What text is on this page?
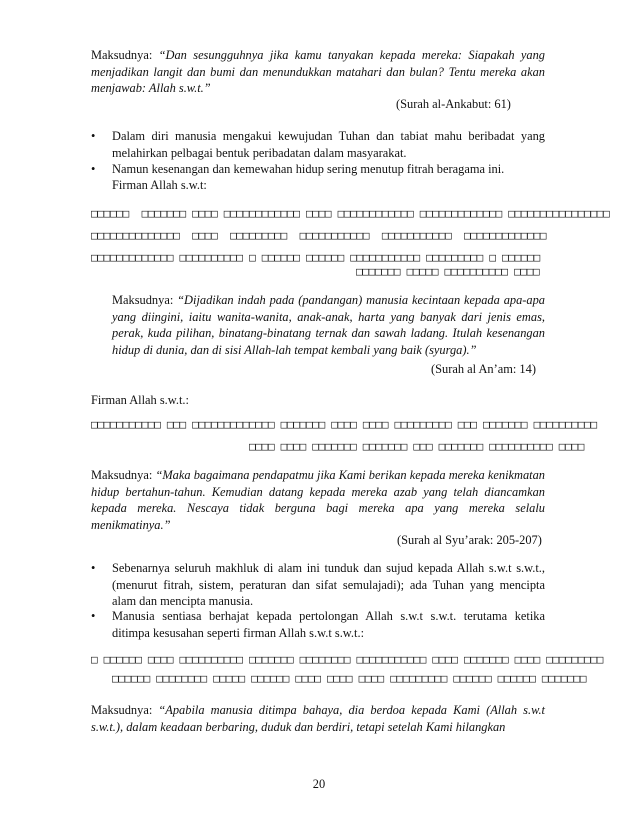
Maksudnya: “Dan sesungguhnya jika kamu tanyakan kepada mereka: Siapakah yang menjadikan langit dan bumi dan menundukkan matahari dan bulan? Tentu mereka akan menjawab: Allah s.w.t.”
(Surah al-Ankabut: 61)
•	Dalam diri manusia mengakui kewujudan Tuhan dan tabiat mahu beribadat yang melahirkan pelbagai bentuk peribadatan dalam masyarakat.
•	Namun kesenangan dan kemewahan hidup sering menutup fitrah beragama ini.
Firman Allah s.w.t:
□□□□□□  □□□□□□□ □□□□ □□□□□□□□□□□□ □□□□ □□□□□□□□□□□□ □□□□□□□□□□□□□ □□□□□□□□□□□□□□□□
□□□□□□□□□□□□□□  □□□□  □□□□□□□□□  □□□□□□□□□□□  □□□□□□□□□□□  □□□□□□□□□□□□□
□□□□□□□□□□□□□ □□□□□□□□□□ □ □□□□□□ □□□□□□ □□□□□□□□□□□ □□□□□□□□□ □ □□□□□□
□□□□□□□ □□□□□ □□□□□□□□□□ □□□□
Maksudnya: “Dijadikan indah pada (pandangan) manusia kecintaan kepada apa-apa yang diingini, iaitu wanita-wanita, anak-anak, harta yang banyak dari jenis emas, perak, kuda pilihan, binatang-binatang ternak dan sawah ladang. Itulah kesenangan hidup di dunia, dan di sisi Allah-lah tempat kembali yang baik (syurga).”
(Surah al An’am: 14)
Firman Allah s.w.t.:
□□□□□□□□□□□ □□□ □□□□□□□□□□□□□ □□□□□□□ □□□□ □□□□ □□□□□□□□□ □□□ □□□□□□□ □□□□□□□□□□
□□□□ □□□□ □□□□□□□ □□□□□□□ □□□ □□□□□□□ □□□□□□□□□□ □□□□
Maksudnya: “Maka bagaimana pendapatmu jika Kami berikan kepada mereka kenikmatan hidup bertahun-tahun. Kemudian datang kepada mereka azab yang telah diancamkan kepada mereka. Nescaya tidak berguna bagi mereka apa yang mereka selalu menikmatinya.”
(Surah al Syu’arak: 205-207)
•	Sebenarnya seluruh makhluk di alam ini tunduk dan sujud kepada Allah s.w.t s.w.t., (menurut fitrah, sistem, peraturan dan sifat semulajadi); ada Tuhan yang mencipta alam dan mencipta manusia.
•	Manusia sentiasa berhajat kepada pertolongan Allah s.w.t s.w.t. terutama ketika ditimpa kesusahan seperti firman Allah s.w.t s.w.t.:
□ □□□□□□ □□□□ □□□□□□□□□□ □□□□□□□ □□□□□□□□ □□□□□□□□□□□ □□□□ □□□□□□□ □□□□ □□□□□□□□□
□□□□□□ □□□□□□□□ □□□□□ □□□□□□ □□□□ □□□□ □□□□ □□□□□□□□□ □□□□□□ □□□□□□ □□□□□□□
Maksudnya: “Apabila manusia ditimpa bahaya, dia berdoa kepada Kami (Allah s.w.t s.w.t.), dalam keadaan berbaring, duduk dan berdiri, tetapi setelah Kami hilangkan
20
